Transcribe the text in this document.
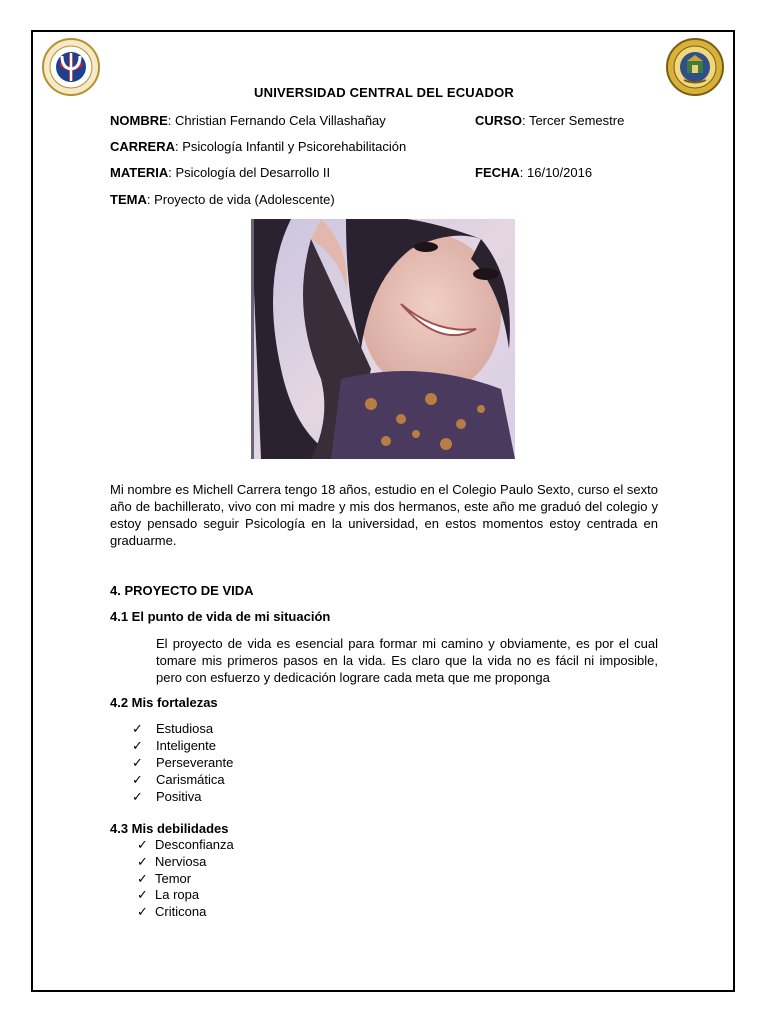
UNIVERSIDAD CENTRAL DEL ECUADOR
NOMBRE: Christian Fernando Cela Villashañay	CURSO: Tercer Semestre
CARRERA: Psicología Infantil y Psicorehabilitación
MATERIA: Psicología del Desarrollo II	FECHA: 16/10/2016
TEMA: Proyecto de vida (Adolescente)
Mi nombre es Michell Carrera tengo 18 años, estudio en el Colegio Paulo Sexto, curso el sexto año de bachillerato, vivo con mi madre y mis dos hermanos, este año me graduó del colegio y estoy pensado seguir Psicología en la universidad, en estos momentos estoy centrada en graduarme.
4. PROYECTO DE VIDA
4.1 El punto de vida de mi situación
El proyecto de vida es esencial para formar mi camino y obviamente, es por el cual tomare mis primeros pasos en la vida. Es claro que la vida no es fácil ni imposible, pero con esfuerzo y dedicación lograre cada meta que me proponga
4.2 Mis fortalezas
✓ Estudiosa
✓ Inteligente
✓ Perseverante
✓ Carismática
✓ Positiva
4.3 Mis debilidades
✓ Desconfianza
✓ Nerviosa
✓ Temor
✓ La ropa
✓ Criticona
